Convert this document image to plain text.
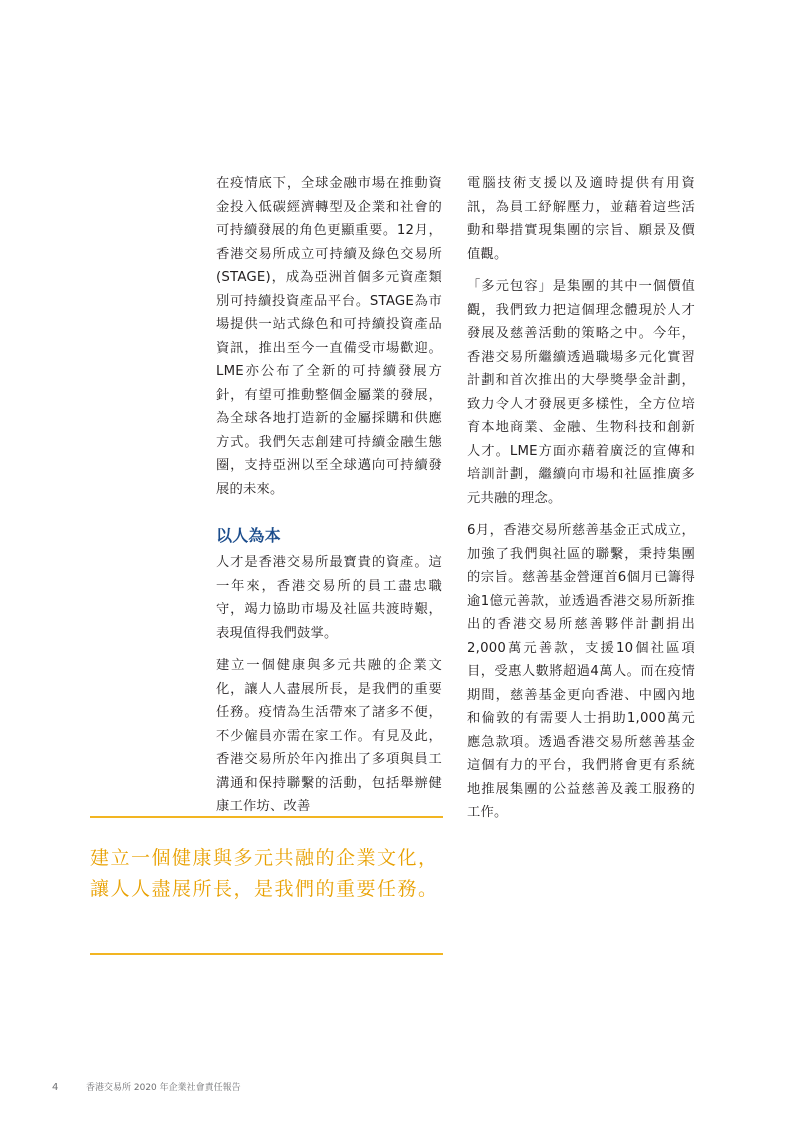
在疫情底下，全球金融市場在推動資金投入低碳經濟轉型及企業和社會的可持續發展的角色更顯重要。12月，香港交易所成立可持續及綠色交易所 (STAGE)，成為亞洲首個多元資產類別可持續投資產品平台。STAGE為市場提供一站式綠色和可持續投資產品資訊，推出至今一直備受市場歡迎。LME亦公布了全新的可持續發展方針，有望可推動整個金屬業的發展，為全球各地打造新的金屬採購和供應方式。我們矢志創建可持續金融生態圈，支持亞洲以至全球邁向可持續發展的未來。

以人為本

人才是香港交易所最寶貴的資產。這一年來，香港交易所的員工盡忠職守，竭力協助市場及社區共渡時艱，表現值得我們鼓掌。

建立一個健康與多元共融的企業文化，讓人人盡展所長，是我們的重要任務。疫情為生活帶來了諸多不便，不少僱員亦需在家工作。有見及此，香港交易所於年內推出了多項與員工溝通和保持聯繫的活動，包括舉辦健康工作坊、改善

電腦技術支援以及適時提供有用資訊，為員工紓解壓力，並藉着這些活動和舉措實現集團的宗旨、願景及價值觀。

「多元包容」是集團的其中一個價值觀，我們致力把這個理念體現於人才發展及慈善活動的策略之中。今年，香港交易所繼續透過職場多元化實習計劃和首次推出的大學獎學金計劃，致力令人才發展更多樣性，全方位培育本地商業、金融、生物科技和創新人才。LME方面亦藉着廣泛的宣傳和培訓計劃，繼續向市場和社區推廣多元共融的理念。

6月，香港交易所慈善基金正式成立，加強了我們與社區的聯繫，秉持集團的宗旨。慈善基金營運首6個月已籌得逾1億元善款，並透過香港交易所新推出的香港交易所慈善夥伴計劃捐出2,000萬元善款，支援10個社區項目，受惠人數將超過4萬人。而在疫情期間，慈善基金更向香港、中國內地和倫敦的有需要人士捐助1,000萬元應急款項。透過香港交易所慈善基金這個有力的平台，我們將會更有系統地推展集團的公益慈善及義工服務的工作。

建立一個健康與多元共融的企業文化，讓人人盡展所長，是我們的重要任務。

4	香港交易所 2020 年企業社會責任報告
